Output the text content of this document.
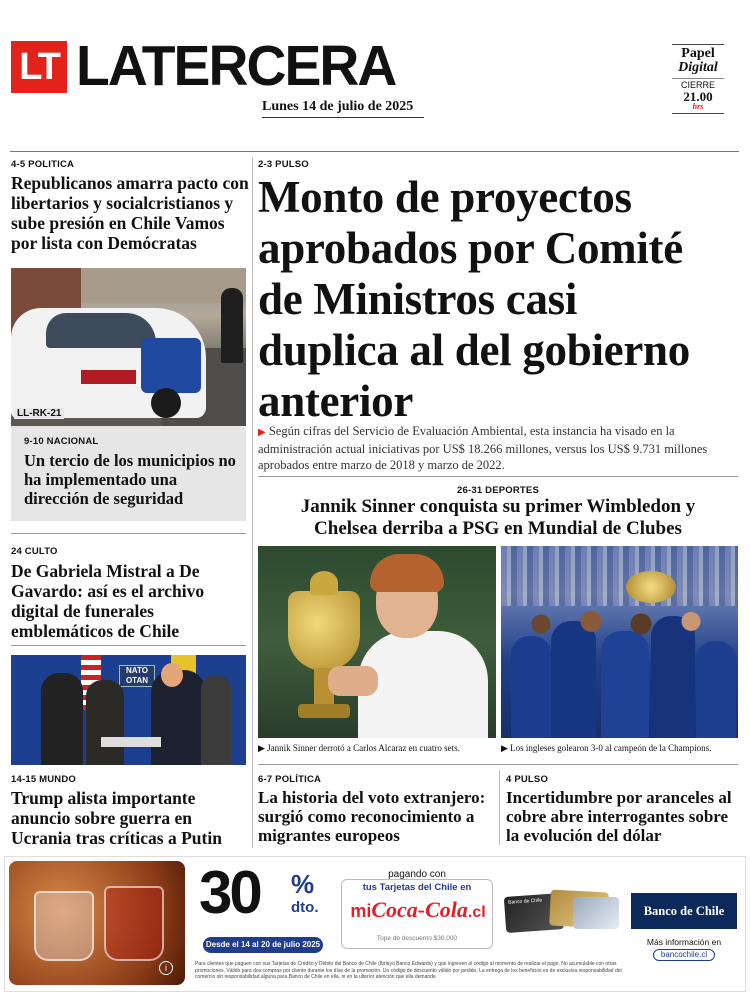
LT LATERCERA
Lunes 14 de julio de 2025
Papel
Digital
CIERRE
21.00
hrs
4-5 POLITICA
Republicanos amarra pacto con libertarios y socialcristianos y sube presión en Chile Vamos por lista con Demócratas
LL-RK-21
9-10 NACIONAL
Un tercio de los municipios no ha implementado una dirección de seguridad
24 CULTO
De Gabriela Mistral a De Gavardo: así es el archivo digital de funerales emblemáticos de Chile
NATO
OTAN
14-15 MUNDO
Trump alista importante anuncio sobre guerra en Ucrania tras críticas a Putin
2-3 PULSO
Monto de proyectos aprobados por Comité de Ministros casi duplica al del gobierno anterior
▶ Según cifras del Servicio de Evaluación Ambiental, esta instancia ha visado en la administración actual iniciativas por US$ 18.266 millones, versus los US$ 9.731 millones aprobados entre marzo de 2018 y marzo de 2022.
26-31 DEPORTES
Jannik Sinner conquista su primer Wimbledon y Chelsea derriba a PSG en Mundial de Clubes
▶ Jannik Sinner derrotó a Carlos Alcaraz en cuatro sets.	▶ Los ingleses golearon 3-0 al campeón de la Champions.
6-7 POLÍTICA
La historia del voto extranjero: surgió como reconocimiento a migrantes europeos
4 PULSO
Incertidumbre por aranceles al cobre abre interrogantes sobre la evolución del dólar
i
30 %
dto.
Desde el 14 al 20 de julio 2025
pagando con
tus Tarjetas del Chile en
miCoca-Cola.cl
Tope de descuento $30.000
Banco de Chile
Banco de Chile
Más información en
bancochile.cl
Para clientes que paguen con sus Tarjetas de Crédito y Débito del Banco de Chile (Ibrlayo Banco Edwards) y que ingresen el código al momento de realizar el pago. No acumulable con otras promociones. Válido para dos compras por cliente durante los días de la promoción. Un código de descuento válido por pedido. La entrega de los beneficios es de exclusiva responsabilidad del comercio sin responsabilidad alguna para Banco de Chile en ella, ni en la ulterior atención que ella demande.
